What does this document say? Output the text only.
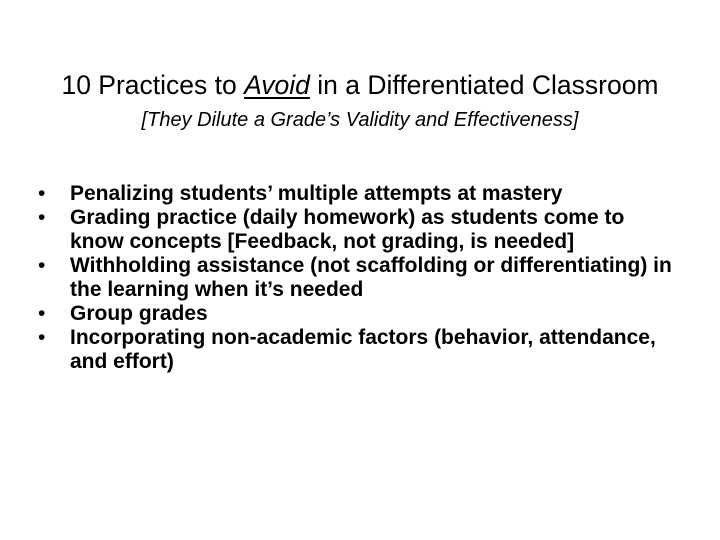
10 Practices to Avoid in a Differentiated Classroom
[They Dilute a Grade’s Validity and Effectiveness]
•	Penalizing students’ multiple attempts at mastery
•	Grading practice (daily homework) as students come to know concepts [Feedback, not grading, is needed]
•	Withholding assistance (not scaffolding or differentiating) in the learning when it’s needed
•	Group grades
•	Incorporating non-academic factors (behavior, attendance, and effort)
